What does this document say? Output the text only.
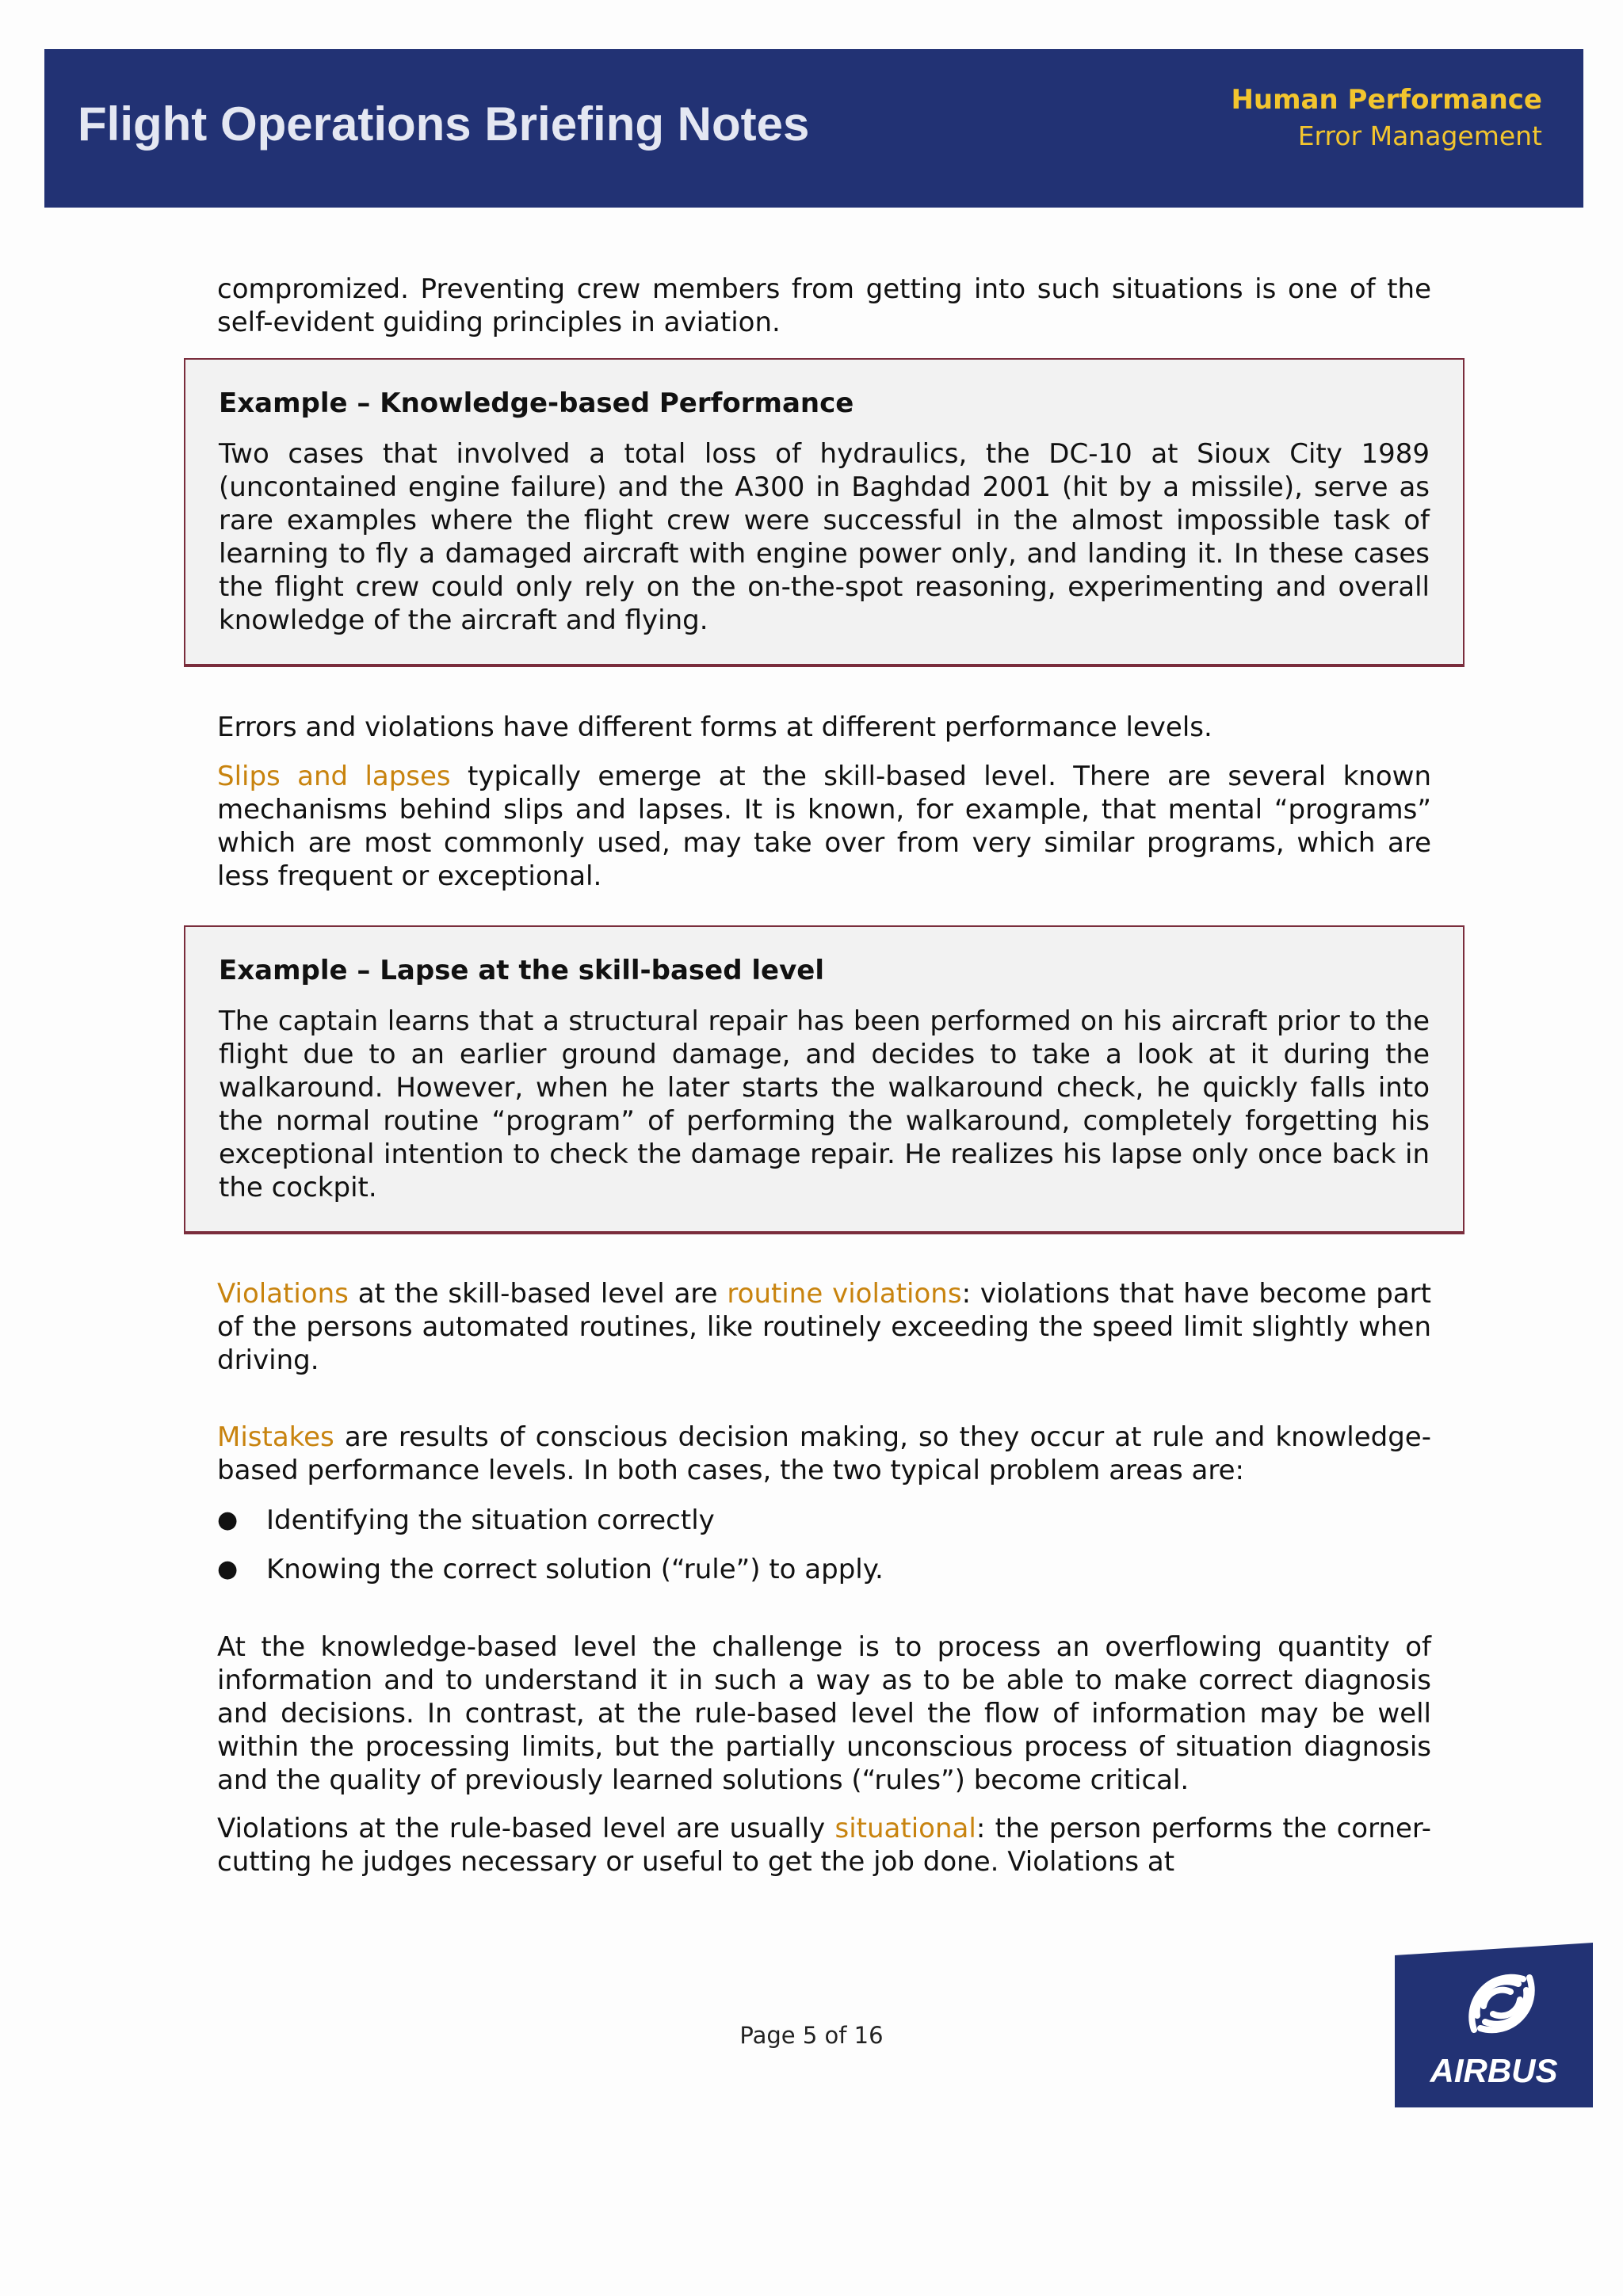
Flight Operations Briefing Notes	Human Performance
Error Management

compromized. Preventing crew members from getting into such situations is one of the self-evident guiding principles in aviation.

Example – Knowledge-based Performance

Two cases that involved a total loss of hydraulics, the DC-10 at Sioux City 1989 (uncontained engine failure) and the A300 in Baghdad 2001 (hit by a missile), serve as rare examples where the flight crew were successful in the almost impossible task of learning to fly a damaged aircraft with engine power only, and landing it. In these cases the flight crew could only rely on the on-the-spot reasoning, experimenting and overall knowledge of the aircraft and flying.

Errors and violations have different forms at different performance levels.

Slips and lapses typically emerge at the skill-based level. There are several known mechanisms behind slips and lapses. It is known, for example, that mental “programs” which are most commonly used, may take over from very similar programs, which are less frequent or exceptional.

Example – Lapse at the skill-based level

The captain learns that a structural repair has been performed on his aircraft prior to the flight due to an earlier ground damage, and decides to take a look at it during the walkaround. However, when he later starts the walkaround check, he quickly falls into the normal routine “program” of performing the walkaround, completely forgetting his exceptional intention to check the damage repair. He realizes his lapse only once back in the cockpit.

Violations at the skill-based level are routine violations: violations that have become part of the persons automated routines, like routinely exceeding the speed limit slightly when driving.

Mistakes are results of conscious decision making, so they occur at rule and knowledge-based performance levels. In both cases, the two typical problem areas are:

● Identifying the situation correctly
● Knowing the correct solution (“rule”) to apply.

At the knowledge-based level the challenge is to process an overflowing quantity of information and to understand it in such a way as to be able to make correct diagnosis and decisions. In contrast, at the rule-based level the flow of information may be well within the processing limits, but the partially unconscious process of situation diagnosis and the quality of previously learned solutions (“rules”) become critical.

Violations at the rule-based level are usually situational: the person performs the corner-cutting he judges necessary or useful to get the job done. Violations at

Page 5 of 16
AIRBUS
